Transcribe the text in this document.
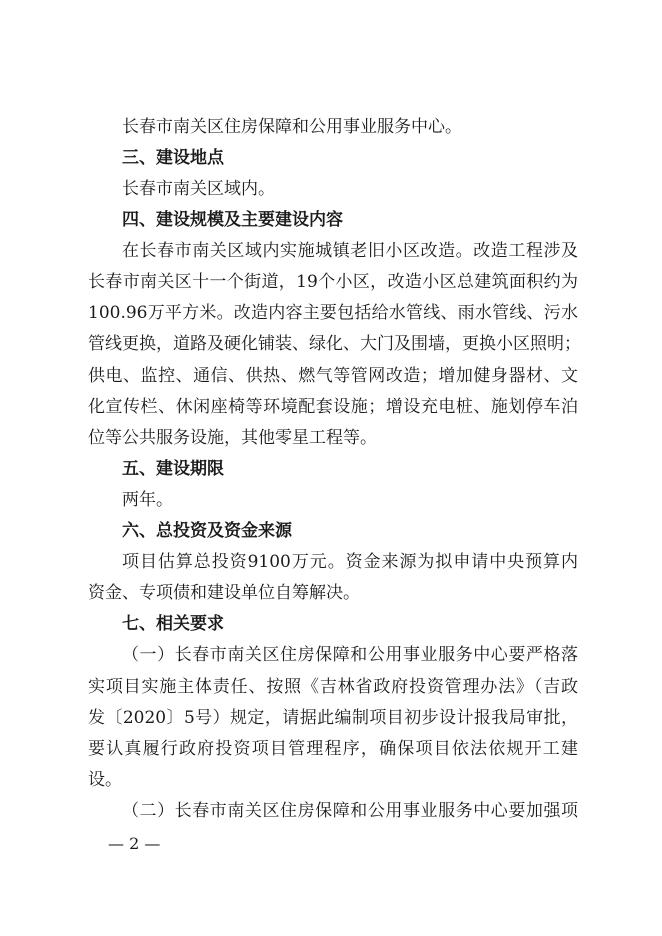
长春市南关区住房保障和公用事业服务中心。
三、建设地点
长春市南关区域内。
四、建设规模及主要建设内容
在长春市南关区域内实施城镇老旧小区改造。改造工程涉及
长春市南关区十一个街道，19个小区，改造小区总建筑面积约为
100.96万平方米。改造内容主要包括给水管线、雨水管线、污水
管线更换，道路及硬化铺装、绿化、大门及围墙，更换小区照明；
供电、监控、通信、供热、燃气等管网改造；增加健身器材、文
化宣传栏、休闲座椅等环境配套设施；增设充电桩、施划停车泊
位等公共服务设施，其他零星工程等。
五、建设期限
两年。
六、总投资及资金来源
项目估算总投资9100万元。资金来源为拟申请中央预算内
资金、专项债和建设单位自筹解决。
七、相关要求
（一）长春市南关区住房保障和公用事业服务中心要严格落
实项目实施主体责任、按照《吉林省政府投资管理办法》（吉政
发〔2020〕5号）规定，请据此编制项目初步设计报我局审批，
要认真履行政府投资项目管理程序，确保项目依法依规开工建
设。
（二）长春市南关区住房保障和公用事业服务中心要加强项
— 2 —
